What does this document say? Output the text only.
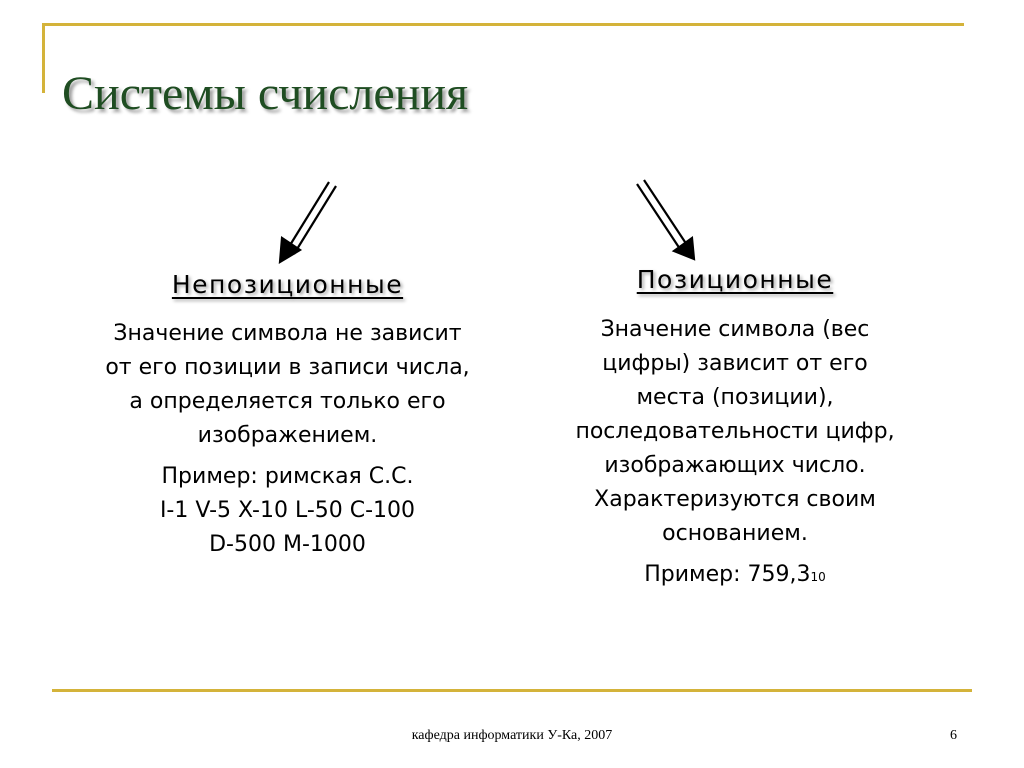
Системы счисления
Непозиционные

Значение символа не зависит
от его позиции в записи числа,
а определяется только его
изображением.

Пример: римская С.С.
I-1 V-5 X-10 L-50 C-100
D-500 M-1000

Позиционные

Значение символа (вес
цифры) зависит от его
места (позиции),
последовательности цифр,
изображающих число.
Характеризуются своим
основанием.

Пример: 759,310

кафедра информатики У-Ка, 2007	6
